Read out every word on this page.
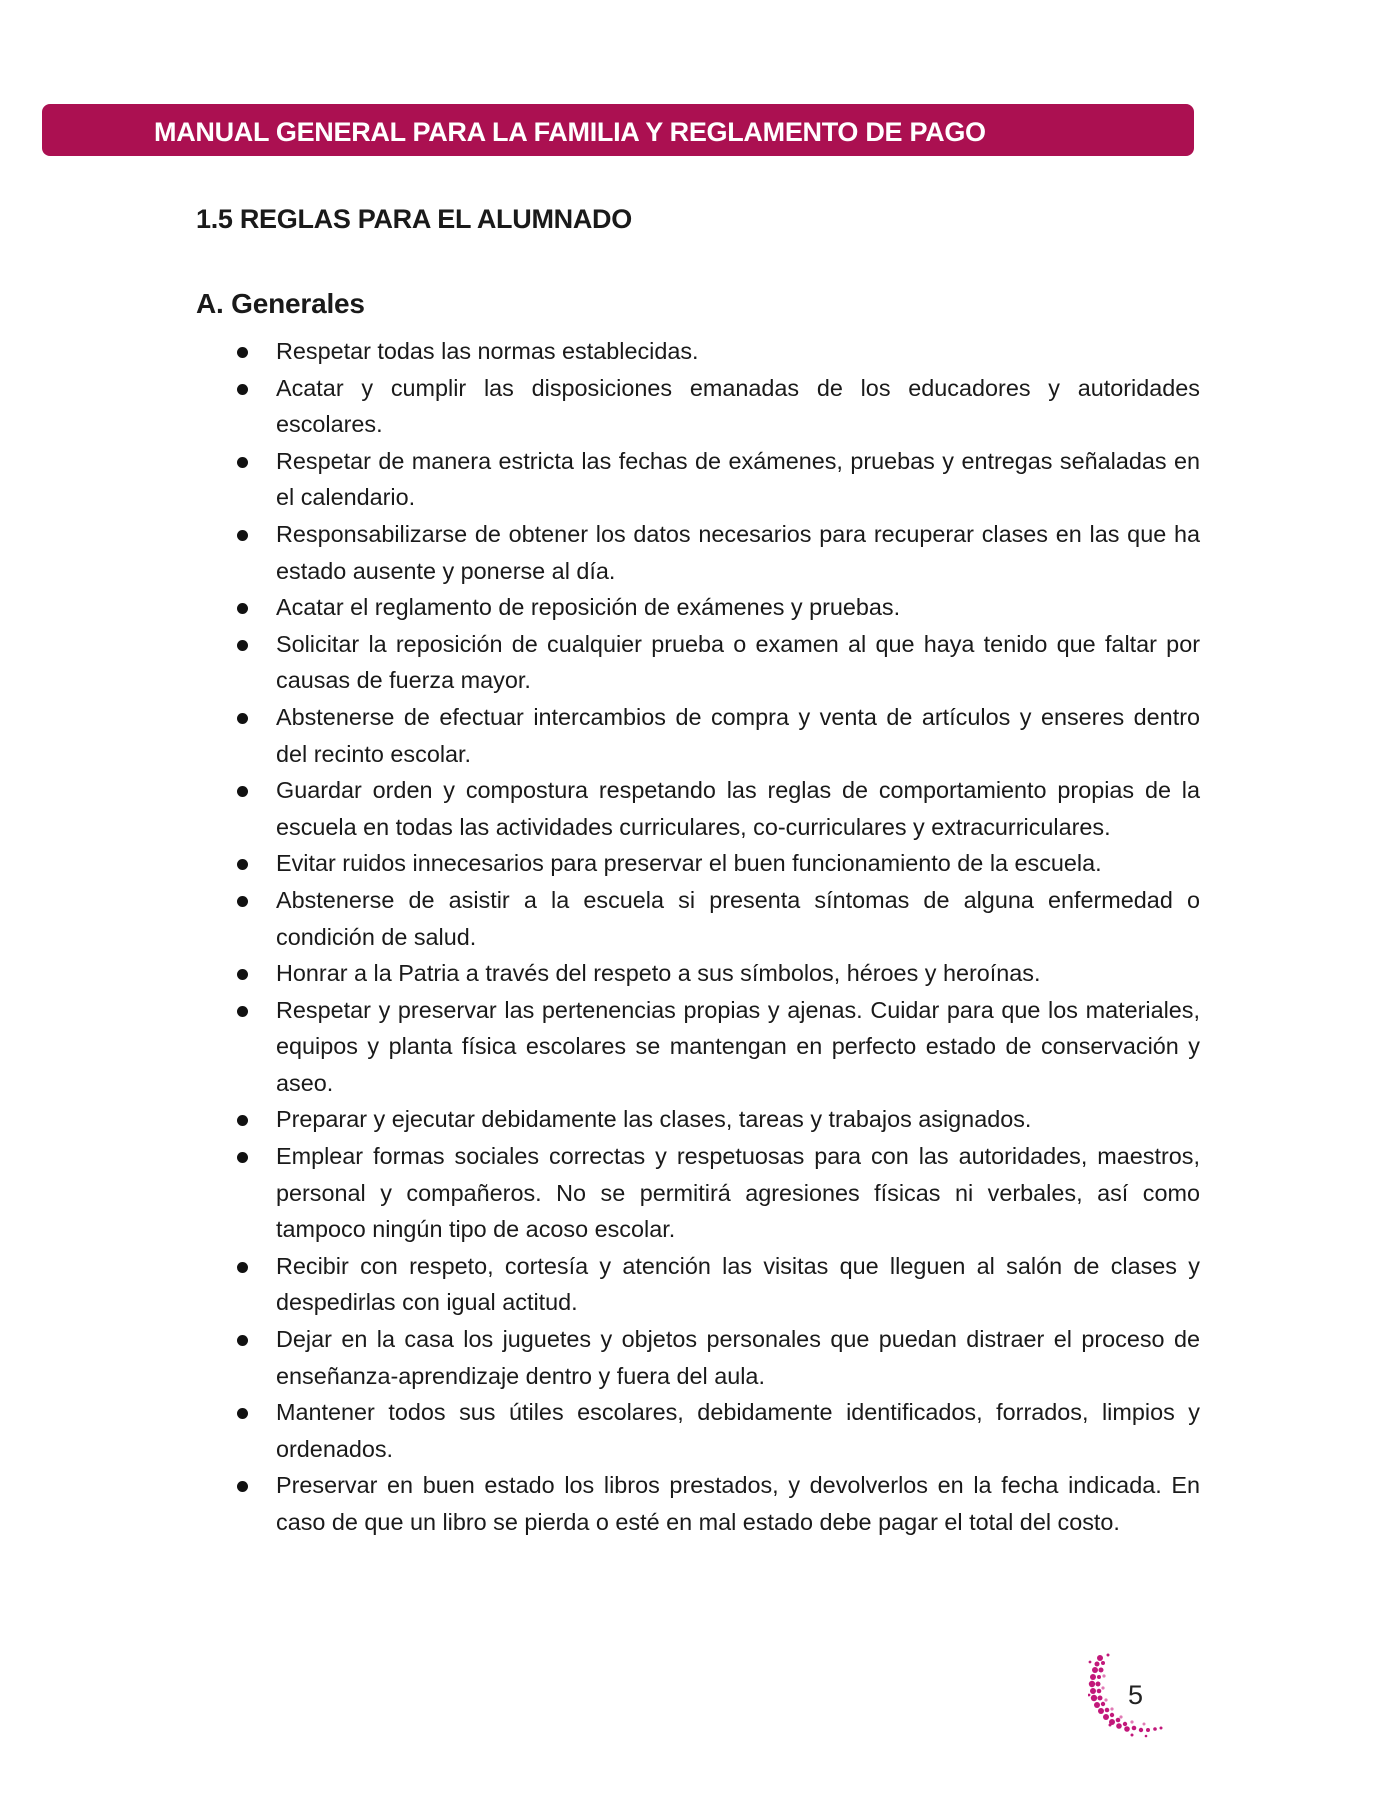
MANUAL GENERAL PARA LA FAMILIA Y REGLAMENTO DE PAGO
1.5 REGLAS PARA EL ALUMNADO
A. Generales
Respetar todas las normas establecidas.
Acatar y cumplir las disposiciones emanadas de los educadores y autoridades escolares.
Respetar de manera estricta las fechas de exámenes, pruebas y entregas señaladas en el calendario.
Responsabilizarse de obtener los datos necesarios para recuperar clases en las que ha estado ausente y ponerse al día.
Acatar el reglamento de reposición de exámenes y pruebas.
Solicitar la reposición de cualquier prueba o examen al que haya tenido que faltar por causas de fuerza mayor.
Abstenerse de efectuar intercambios de compra y venta de artículos y enseres dentro del recinto escolar.
Guardar orden y compostura respetando las reglas de comportamiento propias de la escuela en todas las actividades curriculares, co-curriculares y extracurriculares.
Evitar ruidos innecesarios para preservar el buen funcionamiento de la escuela.
Abstenerse de asistir a la escuela si presenta síntomas de alguna enfermedad o condición de salud.
Honrar a la Patria a través del respeto a sus símbolos, héroes y heroínas.
Respetar y preservar las pertenencias propias y ajenas. Cuidar para que los materiales, equipos y planta física escolares se mantengan en perfecto estado de conservación y aseo.
Preparar y ejecutar debidamente las clases, tareas y trabajos asignados.
Emplear formas sociales correctas y respetuosas para con las autoridades, maestros, personal y compañeros. No se permitirá agresiones físicas ni verbales, así como tampoco ningún tipo de acoso escolar.
Recibir con respeto, cortesía y atención las visitas que lleguen al salón de clases y despedirlas con igual actitud.
Dejar en la casa los juguetes y objetos personales que puedan distraer el proceso de enseñanza-aprendizaje dentro y fuera del aula.
Mantener todos sus útiles escolares, debidamente identificados, forrados, limpios y ordenados.
Preservar en buen estado los libros prestados, y devolverlos en la fecha indicada. En caso de que un libro se pierda o esté en mal estado debe pagar el total del costo.
5
